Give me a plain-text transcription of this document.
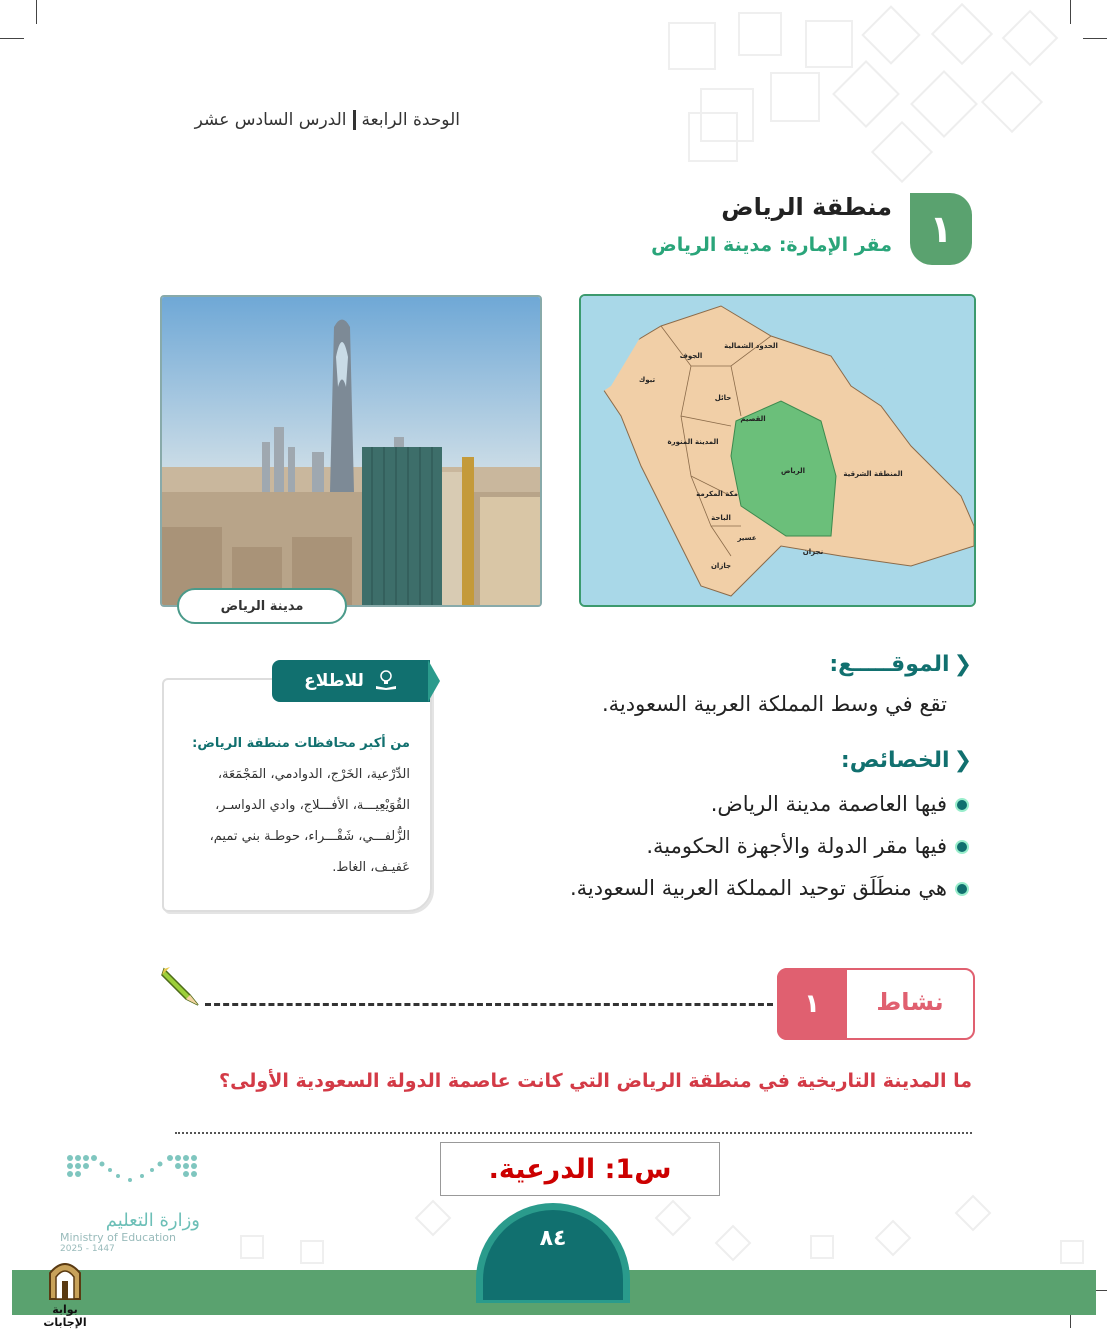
الوحدة الرابعةالدرس السادس عشر
١
منطقة الرياض
مقر الإمارة: مدينة الرياض
مدينة الرياض
الحدود الشمالية
الجوف
تبوك
حائل
القصيم
المدينة المنورة
الرياض	المنطقة الشرقية
مكة المكرمة
الباحة
عسير
جازان
نجران
للاطلاع
من أكبر محافظات منطقة الرياض:
الدِّرْعية، الخَرْج، الدوادمي، المَجْمَعَة،
القُوَيْعِيـــة، الأفـــلاج، وادي الدواسـر،
الزُّلفـــي، شَقْـــراء، حوطـة بني تميم،
عَفيـف، الغاط.
❮الموقـــــع:
تقع في وسط المملكة العربية السعودية.
❮الخصائص:
فيها العاصمة مدينة الرياض.
فيها مقر الدولة والأجهزة الحكومية.
هي منطَلَق توحيد المملكة العربية السعودية.
١	نشاط
ما المدينة التاريخية في منطقة الرياض التي كانت عاصمة الدولة السعودية الأولى؟
س1: الدرعية.
وزارة التعليم
Ministry of Education
2025 - 1447	٨٤
بوابة الإجابات
